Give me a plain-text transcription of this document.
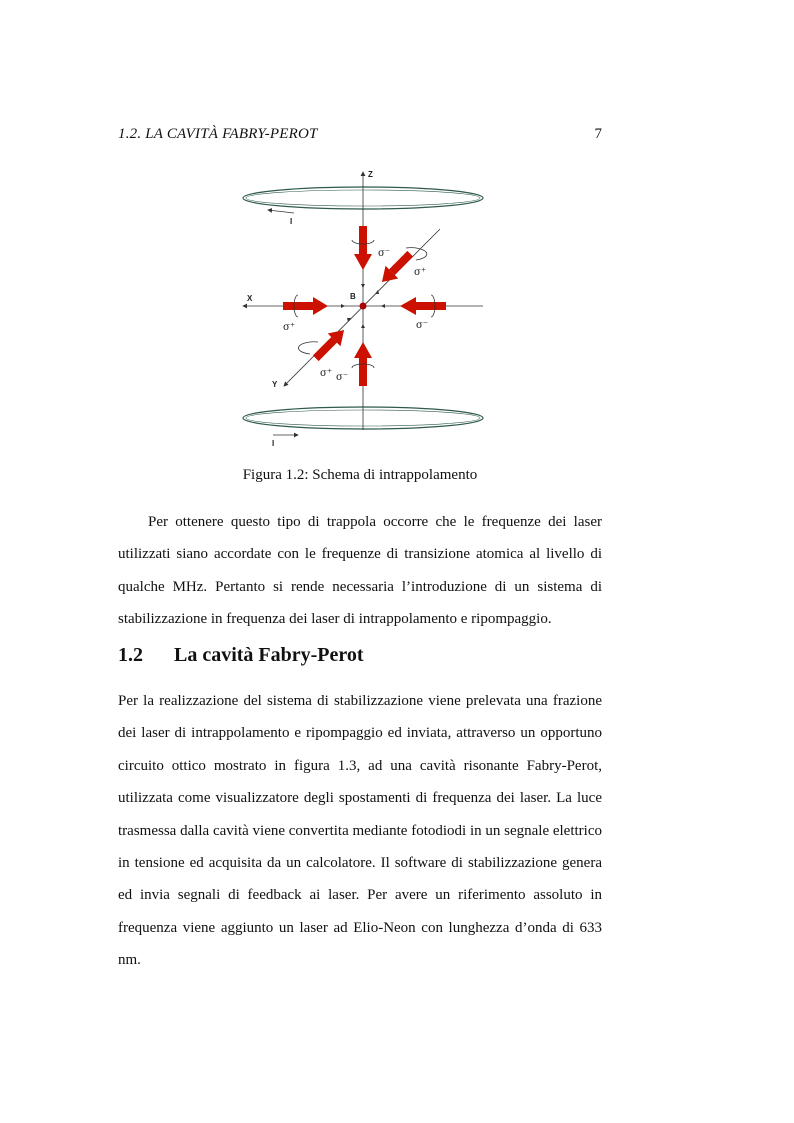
1.2. LA CAVITÀ FABRY-PEROT	7
I
I
Z
X
Y
B
σ⁻
σ⁺
σ⁺	σ⁻
σ⁺ σ⁻
Figura 1.2: Schema di intrappolamento

Per ottenere questo tipo di trappola occorre che le frequenze dei laser utilizzati siano accordate con le frequenze di transizione atomica al livello di qualche MHz. Pertanto si rende necessaria l’introduzione di un sistema di stabilizzazione in frequenza dei laser di intrappolamento e ripompaggio.

1.2 La cavità Fabry-Perot

Per la realizzazione del sistema di stabilizzazione viene prelevata una frazione dei laser di intrappolamento e ripompaggio ed inviata, attraverso un opportuno circuito ottico mostrato in figura 1.3, ad una cavità risonante Fabry-Perot, utilizzata come visualizzatore degli spostamenti di frequenza dei laser. La luce trasmessa dalla cavità viene convertita mediante fotodiodi in un segnale elettrico in tensione ed acquisita da un calcolatore. Il software di stabilizzazione genera ed invia segnali di feedback ai laser. Per avere un riferimento assoluto in frequenza viene aggiunto un laser ad Elio-Neon con lunghezza d’onda di 633 nm.
